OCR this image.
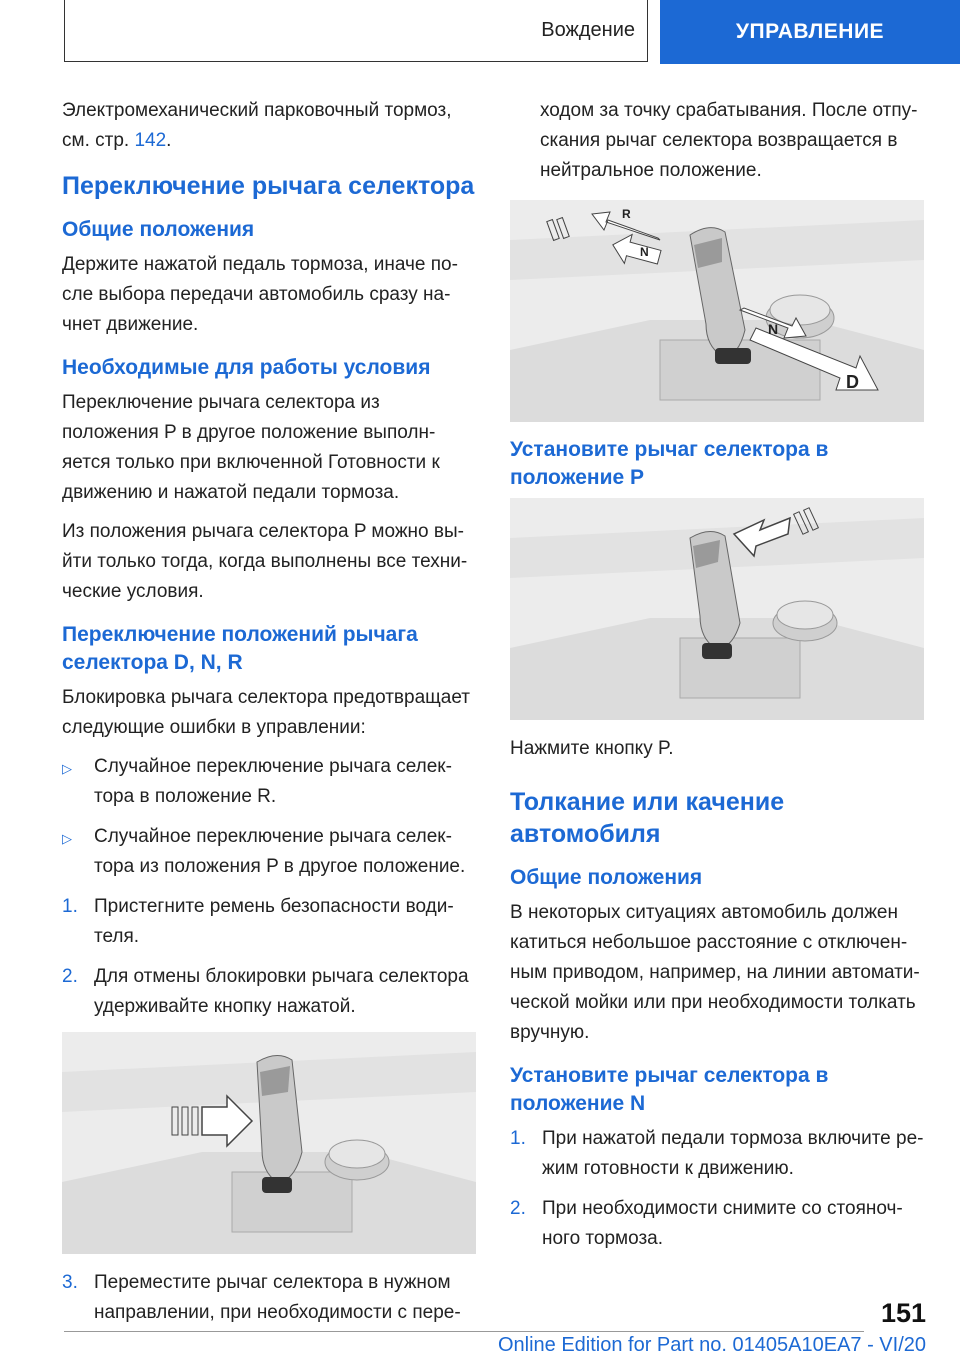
Вождение	УПРАВЛЕНИЕ

Электромеханический парковочный тормоз, см. стр. 142.

Переключение рычага селектора
Общие положения

Держите нажатой педаль тормоза, иначе по-сле выбора передачи автомобиль сразу на-чнет движение.

Необходимые для работы условия

Переключение рычага селектора из положения P в другое положение выполн-яется только при включенной Готовности к движению и нажатой педали тормоза.

Из положения рычага селектора P можно вы-йти только тогда, когда выполнены все техни-ческие условия.

Переключение положений рычага селектора D, N, R

Блокировка рычага селектора предотвращает следующие ошибки в управлении:

▷ Случайное переключение рычага селек-тора в положение R.
▷ Случайное переключение рычага селек-тора из положения P в другое положение.
1. Пристегните ремень безопасности води-теля.
2. Для отмены блокировки рычага селектора удерживайте кнопку нажатой.
3. Переместите рычаг селектора в нужном направлении, при необходимости с пере-

ходом за точку срабатывания. После отпу-скания рычаг селектора возвращается в нейтральное положение.

R
N
N
D
Установите рычаг селектора в положение P

Нажмите кнопку P.

Толкание или качение автомобиля
Общие положения

В некоторых ситуациях автомобиль должен катиться небольшое расстояние с отключен-ным приводом, например, на линии автомати-ческой мойки или при необходимости толкать вручную.

Установите рычаг селектора в положение N
1. При нажатой педали тормоза включите ре-жим готовности к движению.
2. При необходимости снимите со стояноч-ного тормоза.
151
Online Edition for Part no. 01405A10EA7 - VI/20
